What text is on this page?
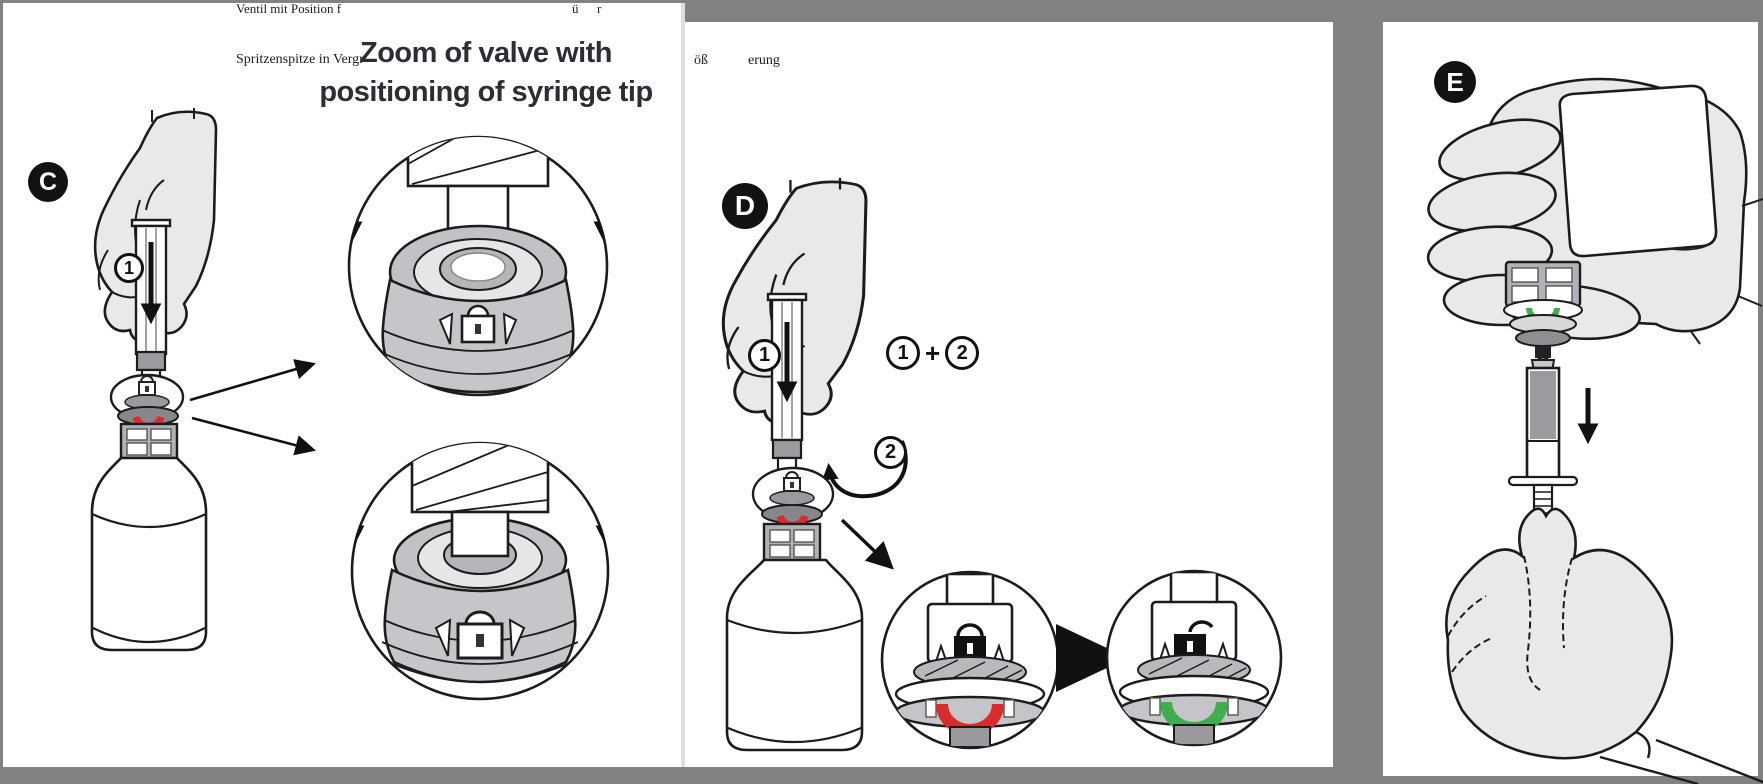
Ventil mit Position f	ü r
Spritzenspitze in Vergr	öß	erung
Zoom of valve with
positioning of syringe tip
C
D
E
1
1	1 + 2
2
